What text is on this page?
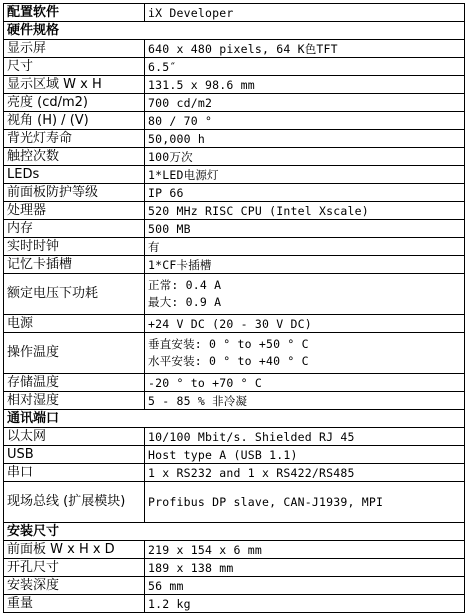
配置软件	iX Developer
硬件规格	
显示屏	640 x 480 pixels, 64 K色TFT
尺寸	6.5″
显示区域 W x H	131.5 x 98.6 mm
亮度 (cd/m2)	700 cd/m2
视角 (H) / (V)	80 / 70 °
背光灯寿命	50,000 h
触控次数	100万次
LEDs	1*LED电源灯
前面板防护等级	IP 66
处理器	520 MHz RISC CPU (Intel Xscale)
内存	500 MB
实时时钟	有
记忆卡插槽	1*CF卡插槽
额定电压下功耗	正常: 0.4 A
最大: 0.9 A

电源	+24 V DC (20 - 30 V DC)
操作温度	垂直安装: 0 ° to +50 ° C
水平安装: 0 ° to +40 ° C

存储温度	-20 ° to +70 ° C
相对湿度	5 - 85 % 非冷凝
通讯端口	
以太网	10/100 Mbit/s. Shielded RJ 45
USB	Host type A (USB 1.1)
串口	1 x RS232 and 1 x RS422/RS485
现场总线 (扩展模块)	Profibus DP slave, CAN-J1939, MPI
安装尺寸	
前面板 W x H x D	219 x 154 x 6 mm
开孔尺寸	189 x 138 mm
安装深度	56 mm
重量	1.2 kg
